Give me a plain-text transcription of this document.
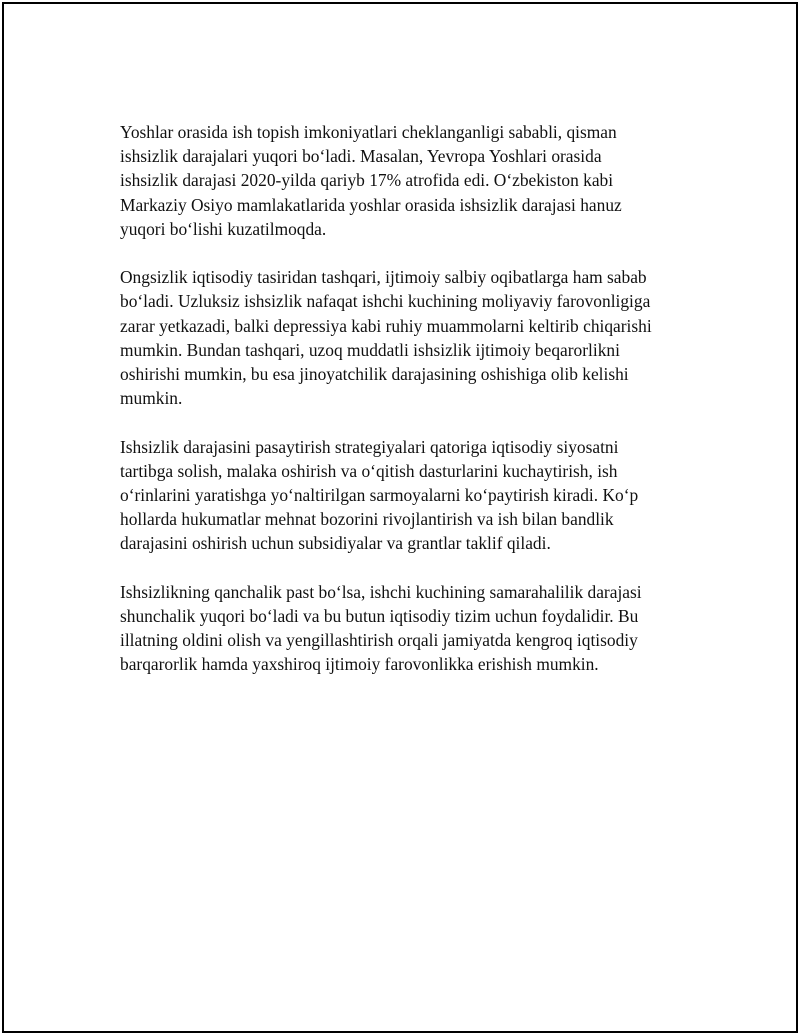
Yoshlar orasida ish topish imkoniyatlari cheklanganligi sababli, qisman
ishsizlik darajalari yuqori bo‘ladi. Masalan, Yevropa Yoshlari orasida
ishsizlik darajasi 2020-yilda qariyb 17% atrofida edi. O‘zbekiston kabi
Markaziy Osiyo mamlakatlarida yoshlar orasida ishsizlik darajasi hanuz
yuqori bo‘lishi kuzatilmoqda.

Ongsizlik iqtisodiy tasiridan tashqari, ijtimoiy salbiy oqibatlarga ham sabab
bo‘ladi. Uzluksiz ishsizlik nafaqat ishchi kuchining moliyaviy farovonligiga
zarar yetkazadi, balki depressiya kabi ruhiy muammolarni keltirib chiqarishi
mumkin. Bundan tashqari, uzoq muddatli ishsizlik ijtimoiy beqarorlikni
oshirishi mumkin, bu esa jinoyatchilik darajasining oshishiga olib kelishi
mumkin.

Ishsizlik darajasini pasaytirish strategiyalari qatoriga iqtisodiy siyosatni
tartibga solish, malaka oshirish va o‘qitish dasturlarini kuchaytirish, ish
o‘rinlarini yaratishga yo‘naltirilgan sarmoyalarni ko‘paytirish kiradi. Ko‘p
hollarda hukumatlar mehnat bozorini rivojlantirish va ish bilan bandlik
darajasini oshirish uchun subsidiyalar va grantlar taklif qiladi.

Ishsizlikning qanchalik past bo‘lsa, ishchi kuchining samarahalilik darajasi
shunchalik yuqori bo‘ladi va bu butun iqtisodiy tizim uchun foydalidir. Bu
illatning oldini olish va yengillashtirish orqali jamiyatda kengroq iqtisodiy
barqarorlik hamda yaxshiroq ijtimoiy farovonlikka erishish mumkin.
